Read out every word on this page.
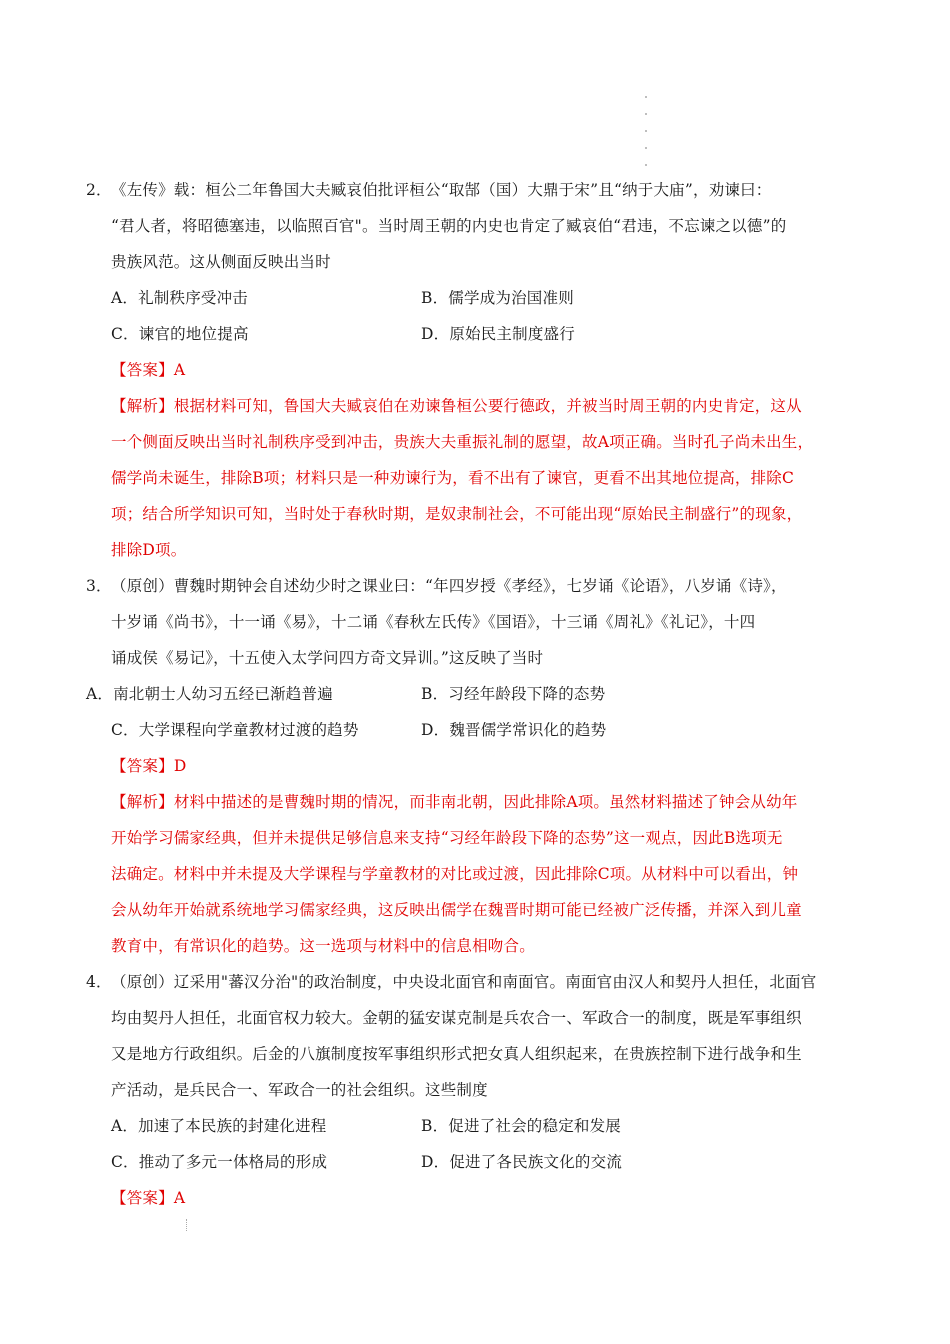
2．《左传》载：桓公二年鲁国大夫臧哀伯批评桓公“取郜（国）大鼎于宋”且“纳于大庙”，劝谏曰：
“君人者，将昭德塞违，以临照百官"。当时周王朝的内史也肯定了臧哀伯“君违，不忘谏之以德”的
贵族风范。这从侧面反映出当时
A．礼制秩序受冲击	B．儒学成为治国准则
C．谏官的地位提高	D．原始民主制度盛行
【答案】A
【解析】根据材料可知，鲁国大夫臧哀伯在劝谏鲁桓公要行德政，并被当时周王朝的内史肯定，这从
一个侧面反映出当时礼制秩序受到冲击，贵族大夫重振礼制的愿望，故A项正确。当时孔子尚未出生，
儒学尚未诞生，排除B项；材料只是一种劝谏行为，看不出有了谏官，更看不出其地位提高，排除C
项；结合所学知识可知，当时处于春秋时期，是奴隶制社会，不可能出现“原始民主制盛行”的现象，
排除D项。
3．（原创）曹魏时期钟会自述幼少时之课业曰：“年四岁授《孝经》，七岁诵《论语》，八岁诵《诗》，
十岁诵《尚书》，十一诵《易》，十二诵《春秋左氏传》《国语》，十三诵《周礼》《礼记》，十四
诵成侯《易记》，十五使入太学问四方奇文异训。”这反映了当时
A．南北朝士人幼习五经已渐趋普遍	B．习经年龄段下降的态势
C．大学课程向学童教材过渡的趋势	D．魏晋儒学常识化的趋势
【答案】D
【解析】材料中描述的是曹魏时期的情况，而非南北朝，因此排除A项。虽然材料描述了钟会从幼年
开始学习儒家经典，但并未提供足够信息来支持“习经年龄段下降的态势”这一观点，因此B选项无
法确定。材料中并未提及大学课程与学童教材的对比或过渡，因此排除C项。从材料中可以看出，钟
会从幼年开始就系统地学习儒家经典，这反映出儒学在魏晋时期可能已经被广泛传播，并深入到儿童
教育中，有常识化的趋势。这一选项与材料中的信息相吻合。
4．（原创）辽采用"蕃汉分治"的政治制度，中央设北面官和南面官。南面官由汉人和契丹人担任，北面官
均由契丹人担任，北面官权力较大。金朝的猛安谋克制是兵农合一、军政合一的制度，既是军事组织
又是地方行政组织。后金的八旗制度按军事组织形式把女真人组织起来，在贵族控制下进行战争和生
产活动，是兵民合一、军政合一的社会组织。这些制度
A．加速了本民族的封建化进程	B．促进了社会的稳定和发展
C．推动了多元一体格局的形成	D．促进了各民族文化的交流
【答案】A
